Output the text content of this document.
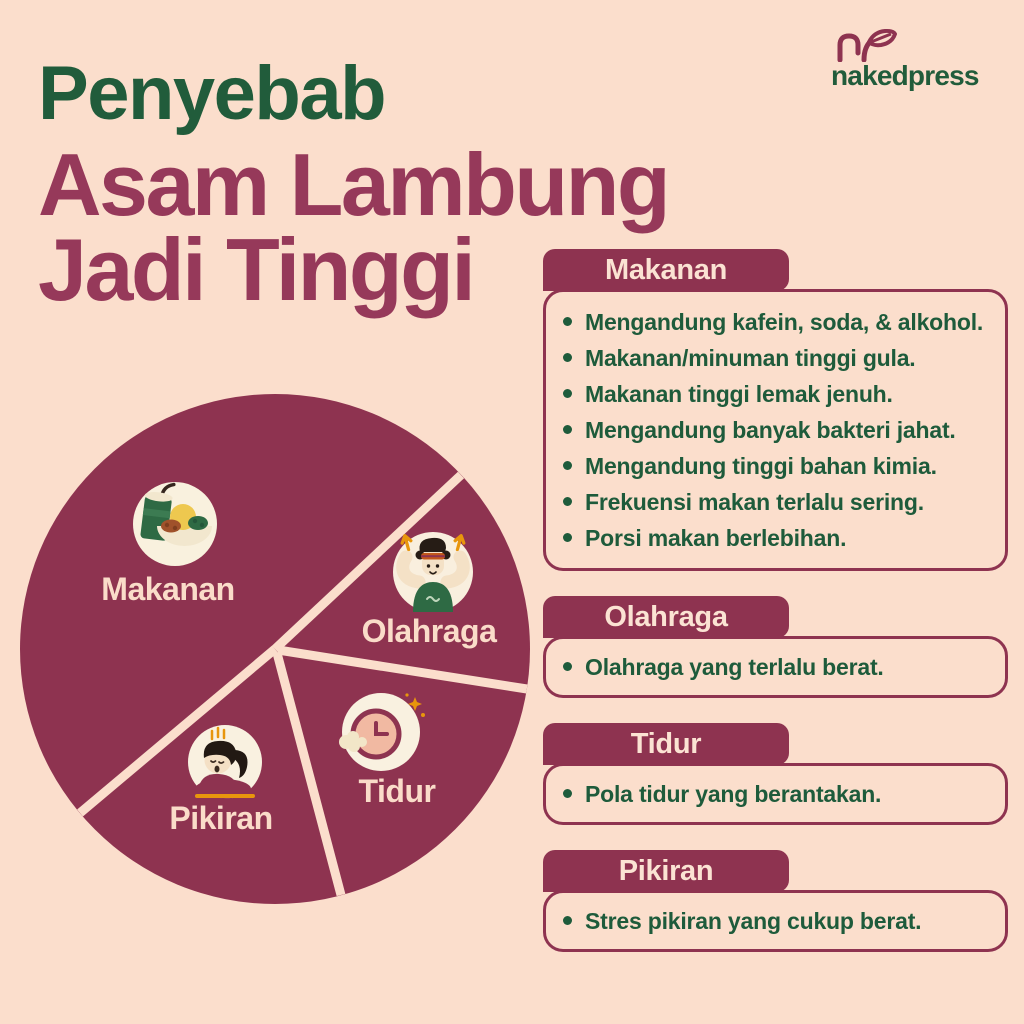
Penyebab
Asam Lambung
Jadi Tinggi
nakedpress
Makanan
Olahraga
Tidur
Pikiran
Makanan
Mengandung kafein, soda, & alkohol.
Makanan/minuman tinggi gula.
Makanan tinggi lemak jenuh.
Mengandung banyak bakteri jahat.
Mengandung tinggi bahan kimia.
Frekuensi makan terlalu sering.
Porsi makan berlebihan.
Olahraga
Olahraga yang terlalu berat.
Tidur
Pola tidur yang berantakan.
Pikiran
Stres pikiran yang cukup berat.
